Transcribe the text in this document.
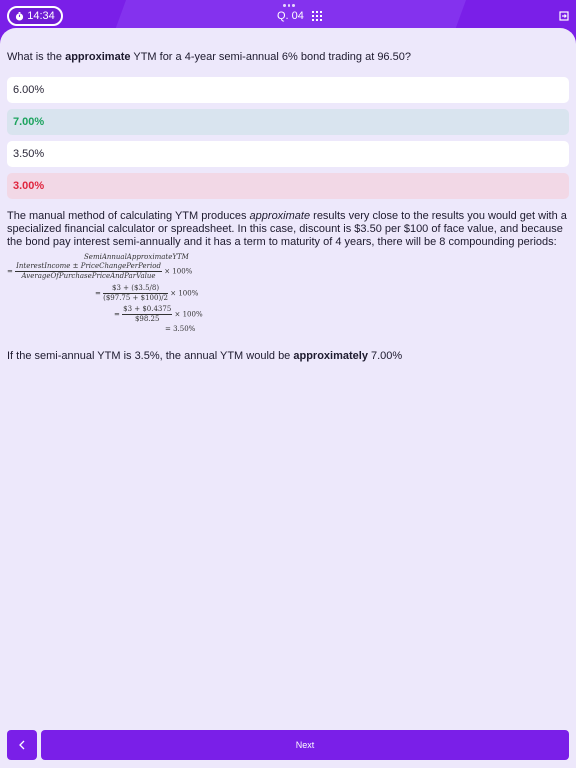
14:34	Q. 04

What is the approximate YTM for a 4-year semi-annual 6% bond trading at 96.50?

6.00%
7.00%
3.50%
3.00%

The manual method of calculating YTM produces approximate results very close to the results you would get with a specialized financial calculator or spreadsheet. In this case, discount is $3.50 per $100 of face value, and because the bond pay interest semi-annually and it has a term to maturity of 4 years, there will be 8 compounding periods:

SemiAnnualApproximateYTM
= $\frac{\text{InterestIncome ± PriceChangePerPeriod}}{\text{AverageOfPurchasePriceAndParValue}} \times 100\%$
= $\frac{\$3 + (\$3.5/8)}{(\$97.75 + \$100)/2} \times 100\%$
= $\frac{\$3 + \$0.4375}{\$98.25} \times 100\%$
= 3.50%

If the semi-annual YTM is 3.5%, the annual YTM would be approximately 7.00%

Next
